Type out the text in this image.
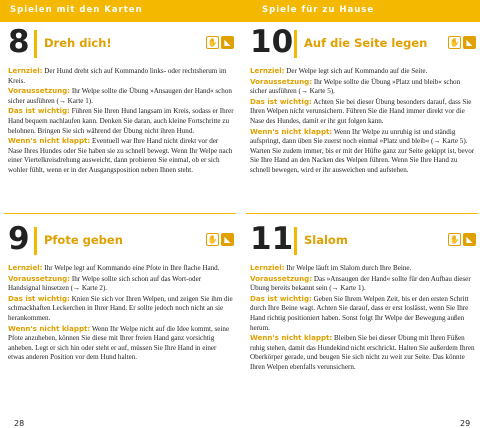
Spielen mit den Karten	Spiele für zu Hause
8 Dreh dich!	✋ ◣

Lernziel: Der Hund dreht sich auf Kommando links- oder rechtsherum im Kreis.

Voraussetzung: Ihr Welpe sollte die Übung »Ansaugen der Hand« schon sicher ausführen (→ Karte 1).

Das ist wichtig: Führen Sie Ihren Hund langsam im Kreis, sodass er Ihrer Hand bequem nachlaufen kann. Denken Sie daran, auch kleine Fortschritte zu belohnen. Bringen Sie sich während der Übung nicht ihren Hund.

Wenn's nicht klappt: Eventuell war Ihre Hand nicht direkt vor der Nase Ihres Hundes oder Sie haben sie zu schnell bewegt. Wenn Ihr Welpe nach einer Viertelkreisdrehung ausweicht, dann probieren Sie einmal, ob er sich wohler fühlt, wenn er in der Ausgangsposition neben Ihnen steht.

9 Pfote geben	✋ ◣

Lernziel: Ihr Welpe legt auf Kommando eine Pfote in Ihre flache Hand.

Voraussetzung: Ihr Welpe sollte sich schon auf das Wort-oder Handsignal hinsetzen (→ Karte 2).

Das ist wichtig: Knien Sie sich vor Ihren Welpen, und zeigen Sie ihm die schmackhaften Leckerchen in Ihrer Hand. Er sollte jedoch noch nicht an sie herankommen.

Wenn's nicht klappt: Wenn Ihr Welpe nicht auf die Idee kommt, seine Pfote anzuheben, können Sie diese mit Ihrer freien Hand ganz vorsichtig anheben. Legt er sich hin oder steht er auf, müssen Sie Ihre Hand in einer etwas anderen Position vor dem Hund halten.

28
10 Auf die Seite legen	✋ ◣

Lernziel: Der Welpe legt sich auf Kommando auf die Seite.

Voraussetzung: Ihr Welpe sollte die Übung »Platz und bleib« schon sicher ausführen (→ Karte 5).

Das ist wichtig: Achten Sie bei dieser Übung besonders darauf, dass Sie Ihren Welpen nicht verunsichern. Führen Sie die Hand immer direkt vor die Nase des Hundes, damit er ihr gut folgen kann.

Wenn's nicht klappt: Wenn Ihr Welpe zu unruhig ist und ständig aufspringt, dann üben Sie zuerst noch einmal »Platz und bleib« (→ Karte 5). Warten Sie zudem immer, bis er mit der Hüfte ganz zur Seite gekippt ist, bevor Sie Ihre Hand an den Nacken des Welpen führen. Wenn Sie Ihre Hand zu schnell bewegen, wird er ihr ausweichen und aufstehen.

11 Slalom	✋ ◣

Lernziel: Ihr Welpe läuft im Slalom durch Ihre Beine.

Voraussetzung: Das »Ansaugen der Hand« sollte für den Aufbau dieser Übung bereits bekannt sein (→ Karte 1).

Das ist wichtig: Geben Sie Ihrem Welpen Zeit, bis er den ersten Schritt durch Ihre Beine wagt. Achten Sie darauf, dass er erst loslässt, wenn Sie Ihre Hand richtig positioniert haben. Sonst folgt Ihr Welpe der Bewegung außen herum.

Wenn's nicht klappt: Bleiben Sie bei dieser Übung mit Ihren Füßen ruhig stehen, damit das Hundekind nicht erschrickt. Halten Sie außerdem Ihren Oberkörper gerade, und beugen Sie sich nicht zu weit zur Seite. Das könnte Ihren Welpen ebenfalls verunsichern.

29
